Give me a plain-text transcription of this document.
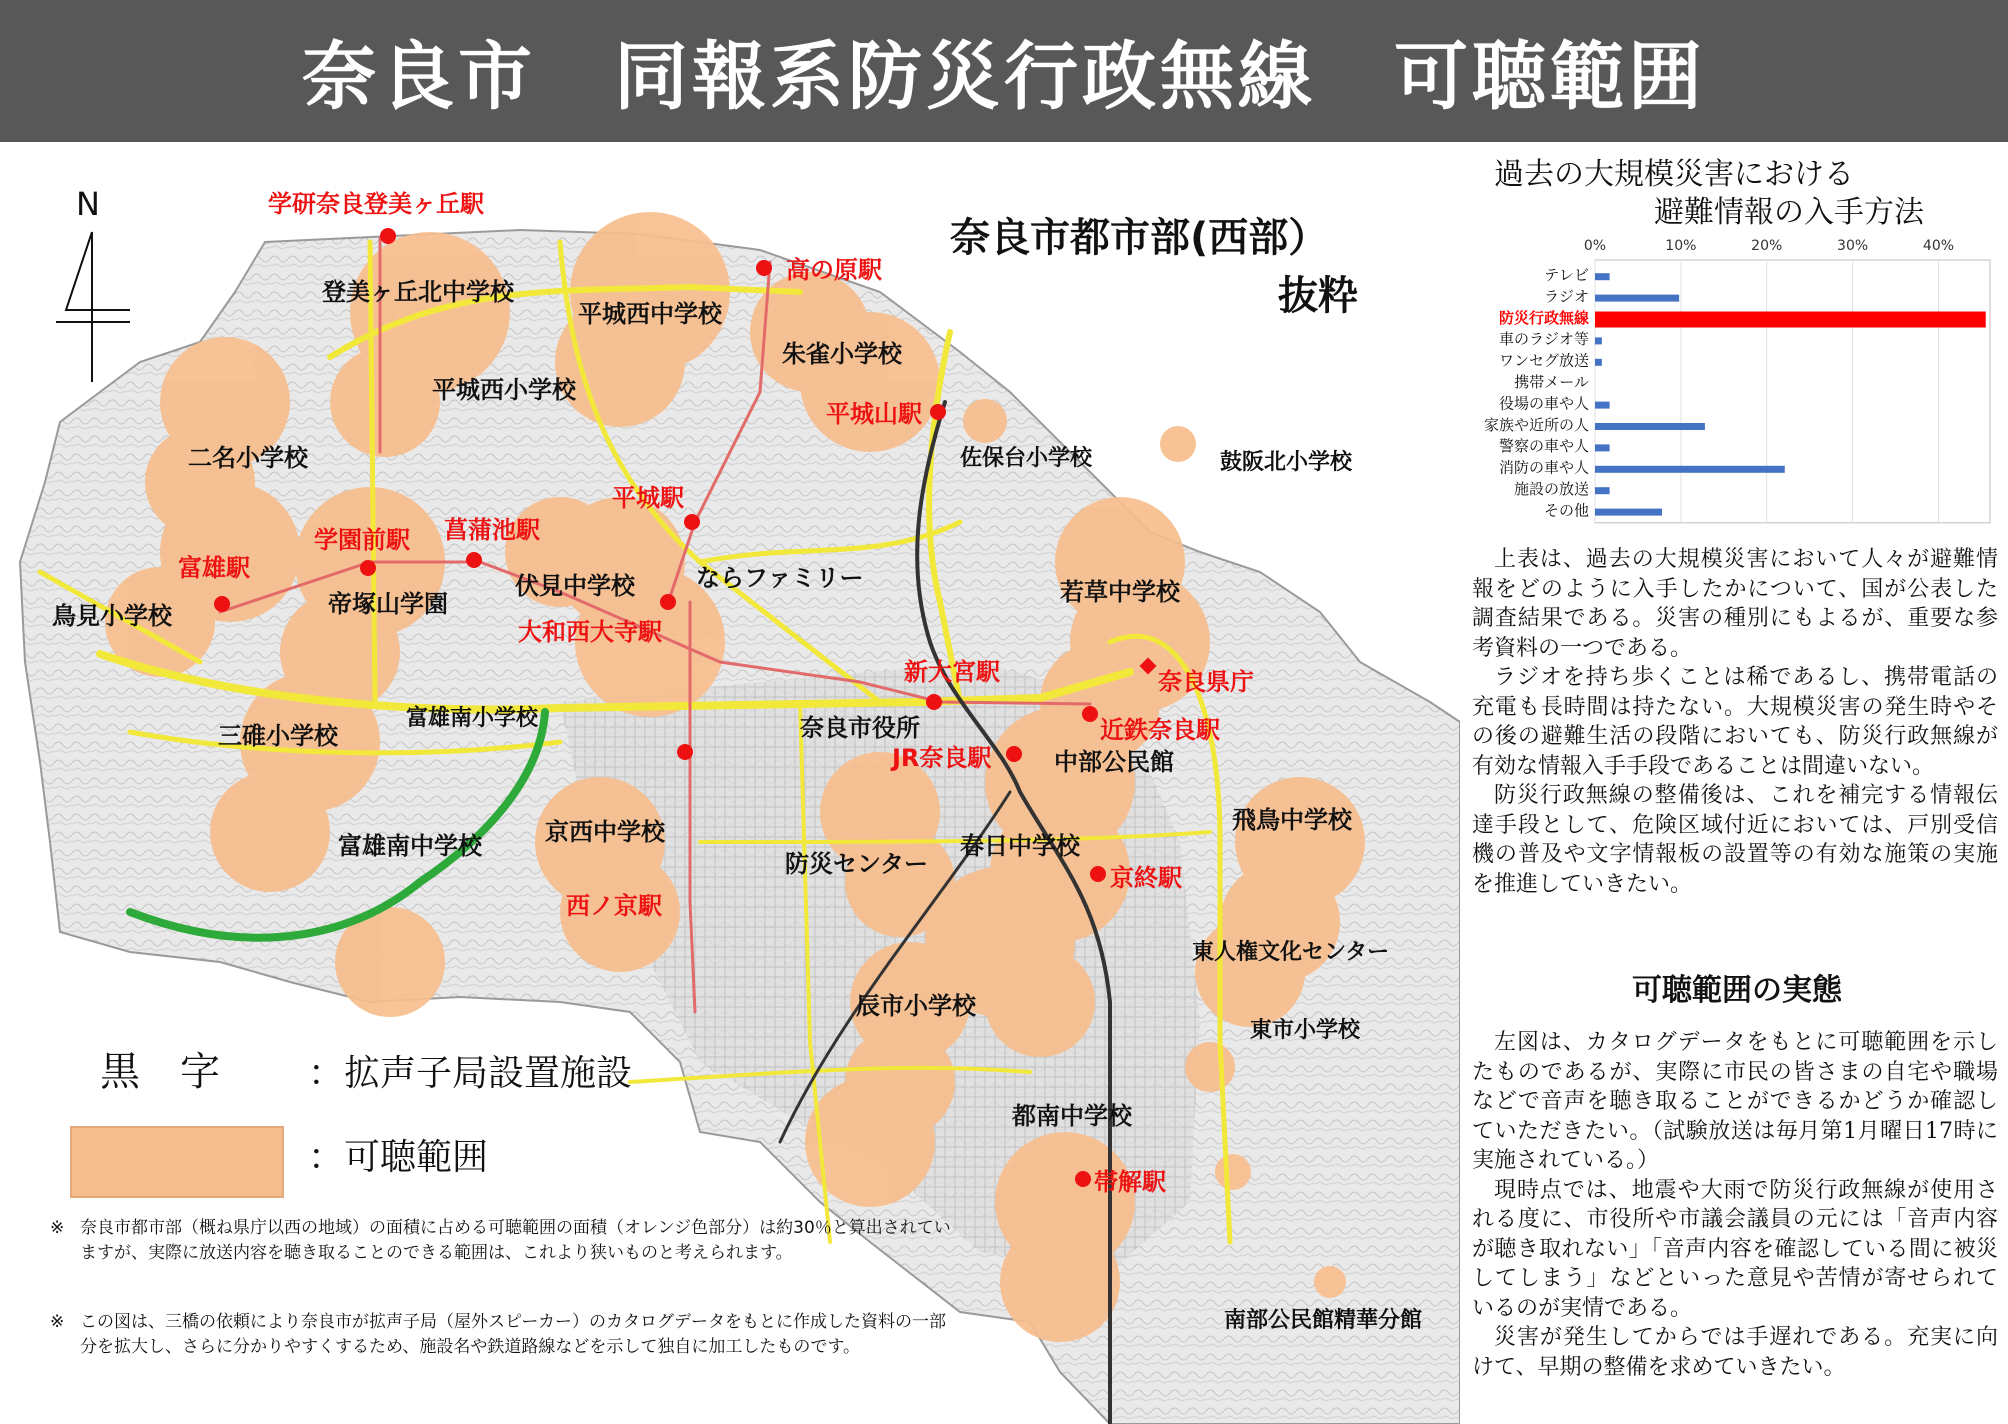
奈良市　同報系防災行政無線　可聴範囲
登美ヶ丘北中学校
平城西中学校
朱雀小学校
平城西小学校
二名小学校	佐保台小学校	鼓阪北小学校
伏見中学校	ならファミリー
帝塚山学園
鳥見小学校
若草中学校
奈良市役所
中部公民館
三碓小学校
富雄南小学校
京西中学校
防災センター
春日中学校
飛鳥中学校
富雄南中学校
東人権文化センター
辰市小学校
東市小学校
都南中学校
南部公民館精華分館
学研奈良登美ヶ丘駅
高の原駅
平城山駅
平城駅
菖蒲池駅
学園前駅
富雄駅
大和西大寺駅
新大宮駅	奈良県庁
近鉄奈良駅
JR奈良駅
京終駅
西ノ京駅
帯解駅
N
奈良市都市部(西部）
抜粋
黒　字 ：拡声子局設置施設
：可聴範囲
※ 奈良市都市部（概ね県庁以西の地域）の面積に占める可聴範囲の面積（オレンジ色部分）は約30％と算出されていますが、実際に放送内容を聴き取ることのできる範囲は、これより狭いものと考えられます。
※ この図は、三橋の依頼により奈良市が拡声子局（屋外スピーカー）のカタログデータをもとに作成した資料の一部分を拡大し、さらに分かりやすくするため、施設名や鉄道路線などを示して独自に加工したものです。
過去の大規模災害における
避難情報の入手方法
0%	10%	20%	30%	40%
テレビ
ラジオ
防災行政無線
車のラジオ等
ワンセグ放送
携帯メール
役場の車や人
家族や近所の人
警察の車や人
消防の車や人
施設の放送
その他

上表は、過去の大規模災害において人々が避難情報をどのように入手したかについて、国が公表した調査結果である。災害の種別にもよるが、重要な参考資料の一つである。

ラジオを持ち歩くことは稀であるし、携帯電話の充電も長時間は持たない。大規模災害の発生時やその後の避難生活の段階においても、防災行政無線が有効な情報入手手段であることは間違いない。

防災行政無線の整備後は、これを補完する情報伝達手段として、危険区域付近においては、戸別受信機の普及や文字情報板の設置等の有効な施策の実施を推進していきたい。

可聴範囲の実態

左図は、カタログデータをもとに可聴範囲を示したものであるが、実際に市民の皆さまの自宅や職場などで音声を聴き取ることができるかどうか確認していただきたい。（試験放送は毎月第1月曜日17時に実施されている。）

現時点では、地震や大雨で防災行政無線が使用される度に、市役所や市議会議員の元には「音声内容が聴き取れない」「音声内容を確認している間に被災してしまう」などといった意見や苦情が寄せられているのが実情である。

災害が発生してからでは手遅れである。充実に向けて、早期の整備を求めていきたい。
